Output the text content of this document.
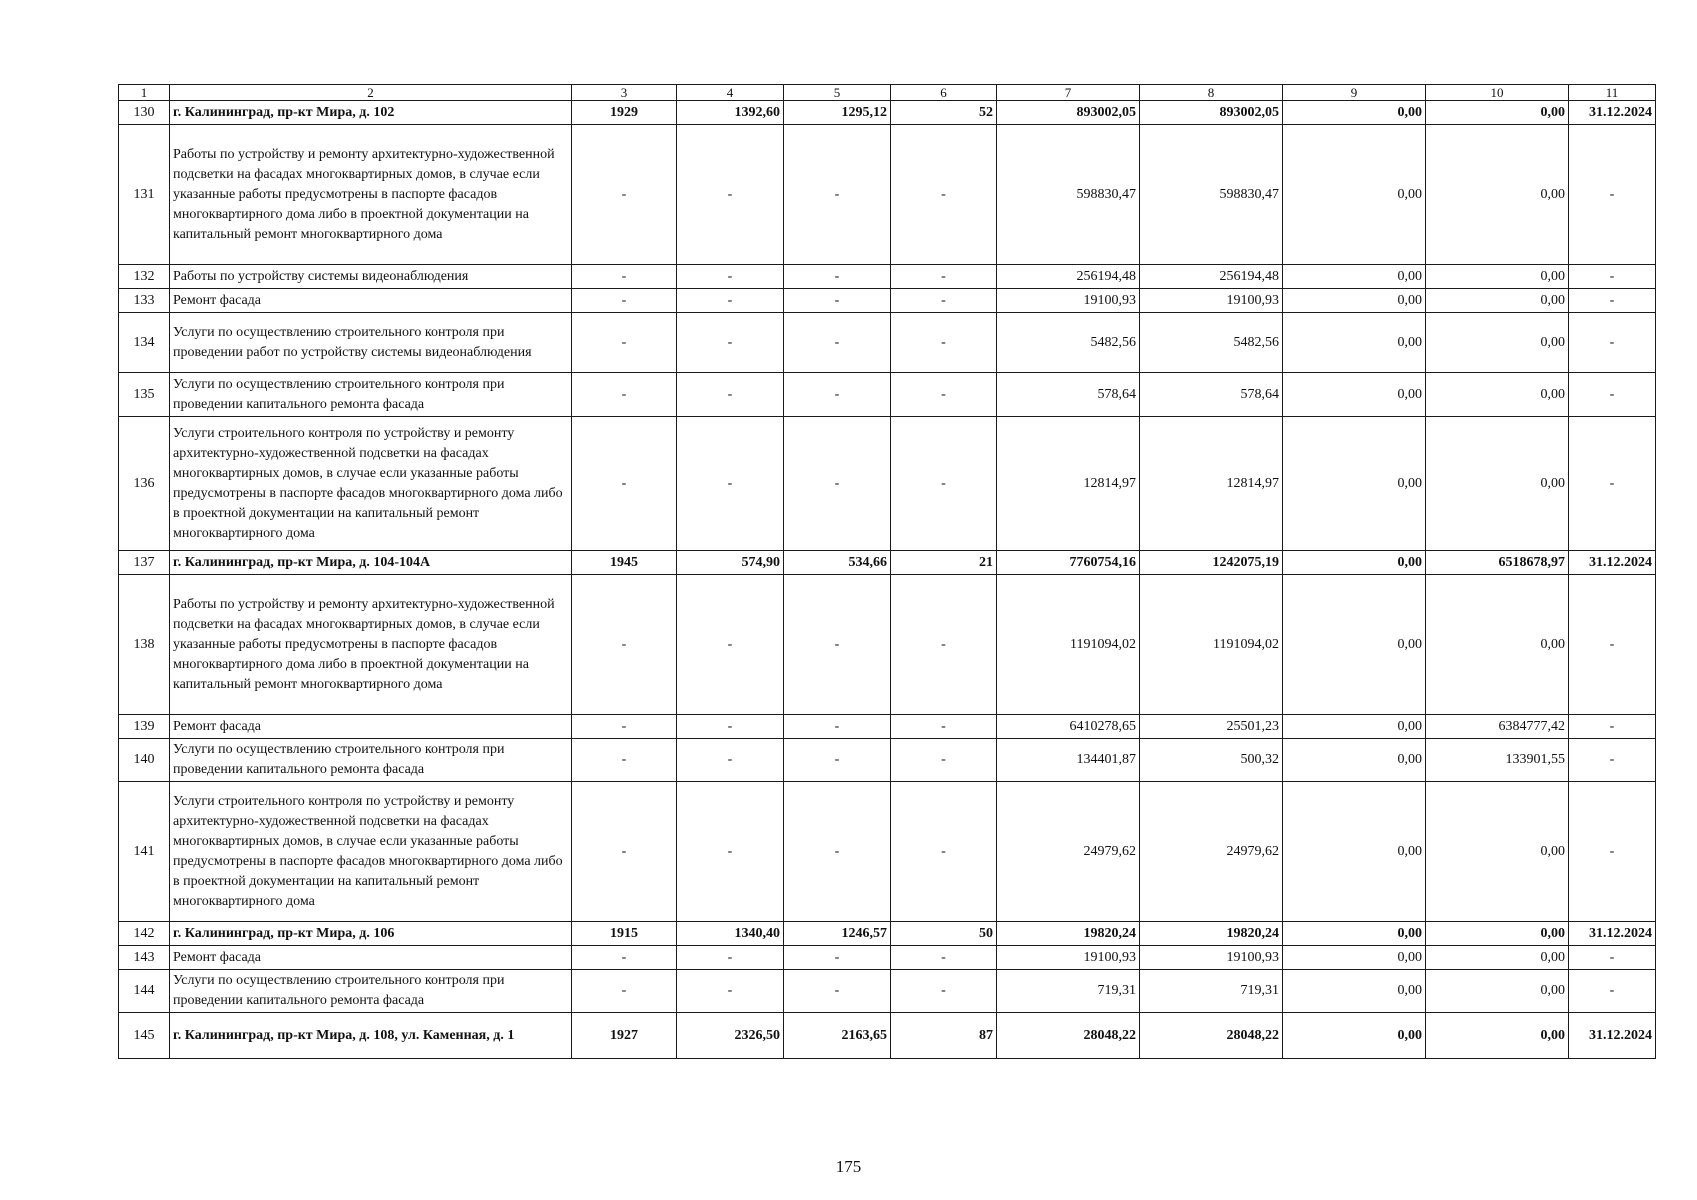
1	2	3	4	5	6	7	8	9	10	11
130	г. Калининград, пр-кт Мира, д. 102	1929	1392,60	1295,12	52	893002,05	893002,05	0,00	0,00	31.12.2024
131	Работы по устройству и ремонту архитектурно-художественной подсветки на фасадах многоквартирных домов, в случае если указанные работы предусмотрены в паспорте фасадов многоквартирного дома либо в проектной документации на капитальный ремонт многоквартирного дома	-	-	-	-	598830,47	598830,47	0,00	0,00	-
132	Работы по устройству системы видеонаблюдения	-	-	-	-	256194,48	256194,48	0,00	0,00	-
133	Ремонт фасада	-	-	-	-	19100,93	19100,93	0,00	0,00	-
134	Услуги по осуществлению строительного контроля при проведении работ по устройству системы видеонаблюдения	-	-	-	-	5482,56	5482,56	0,00	0,00	-
135	Услуги по осуществлению строительного контроля при проведении капитального ремонта фасада	-	-	-	-	578,64	578,64	0,00	0,00	-
136	Услуги строительного контроля по устройству и ремонту архитектурно-художественной подсветки на фасадах многоквартирных домов, в случае если указанные работы предусмотрены в паспорте фасадов многоквартирного дома либо в проектной документации на капитальный ремонт многоквартирного дома	-	-	-	-	12814,97	12814,97	0,00	0,00	-
137	г. Калининград, пр-кт Мира, д. 104-104А	1945	574,90	534,66	21	7760754,16	1242075,19	0,00	6518678,97	31.12.2024
138	Работы по устройству и ремонту архитектурно-художественной подсветки на фасадах многоквартирных домов, в случае если указанные работы предусмотрены в паспорте фасадов многоквартирного дома либо в проектной документации на капитальный ремонт многоквартирного дома	-	-	-	-	1191094,02	1191094,02	0,00	0,00	-
139	Ремонт фасада	-	-	-	-	6410278,65	25501,23	0,00	6384777,42	-
140	Услуги по осуществлению строительного контроля при проведении капитального ремонта фасада	-	-	-	-	134401,87	500,32	0,00	133901,55	-
141	Услуги строительного контроля по устройству и ремонту архитектурно-художественной подсветки на фасадах многоквартирных домов, в случае если указанные работы предусмотрены в паспорте фасадов многоквартирного дома либо в проектной документации на капитальный ремонт многоквартирного дома	-	-	-	-	24979,62	24979,62	0,00	0,00	-
142	г. Калининград, пр-кт Мира, д. 106	1915	1340,40	1246,57	50	19820,24	19820,24	0,00	0,00	31.12.2024
143	Ремонт фасада	-	-	-	-	19100,93	19100,93	0,00	0,00	-
144	Услуги по осуществлению строительного контроля при проведении капитального ремонта фасада	-	-	-	-	719,31	719,31	0,00	0,00	-
145	г. Калининград, пр-кт Мира, д. 108, ул. Каменная, д. 1	1927	2326,50	2163,65	87	28048,22	28048,22	0,00	0,00	31.12.2024
175
